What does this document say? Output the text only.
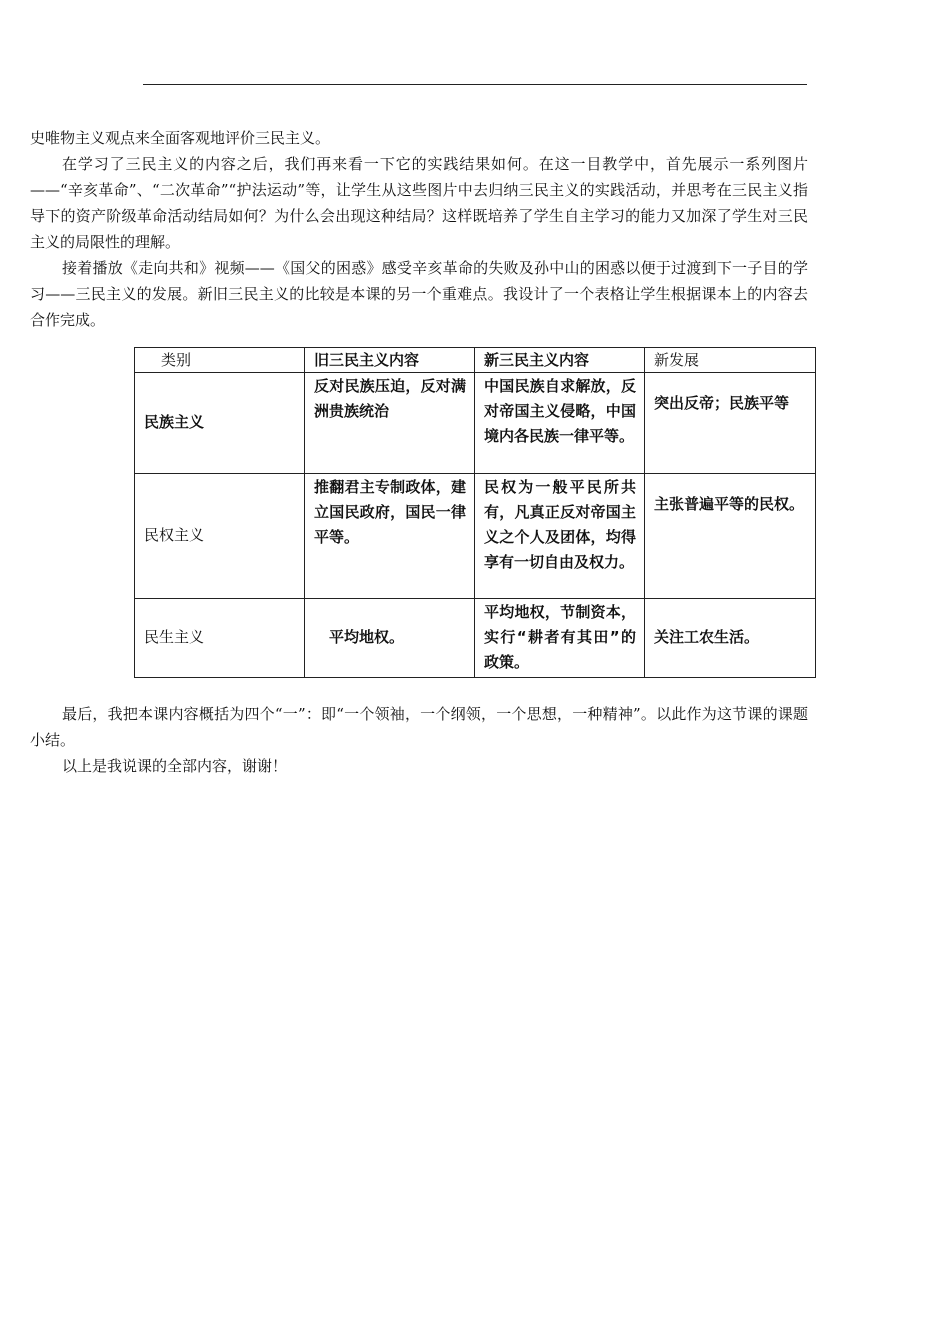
史唯物主义观点来全面客观地评价三民主义。

在学习了三民主义的内容之后，我们再来看一下它的实践结果如何。在这一目教学中，首先展示一系列图片——“辛亥革命”、“二次革命”“护法运动”等，让学生从这些图片中去归纳三民主义的实践活动，并思考在三民主义指导下的资产阶级革命活动结局如何？为什么会出现这种结局？这样既培养了学生自主学习的能力又加深了学生对三民主义的局限性的理解。

接着播放《走向共和》视频——《国父的困惑》感受辛亥革命的失败及孙中山的困惑以便于过渡到下一子目的学习——三民主义的发展。新旧三民主义的比较是本课的另一个重难点。我设计了一个表格让学生根据课本上的内容去合作完成。

类别	旧三民主义内容	新三民主义内容	新发展
民族主义	反对民族压迫，反对满洲贵族统治	中国民族自求解放，反对帝国主义侵略，中国境内各民族一律平等。	突出反帝；民族平等
民权主义	推翻君主专制政体，建立国民政府，国民一律平等。	民权为一般平民所共有，凡真正反对帝国主义之个人及团体，均得享有一切自由及权力。	主张普遍平等的民权。
民生主义	平均地权。	平均地权，节制资本，实行“耕者有其田”的政策。	关注工农生活。

最后，我把本课内容概括为四个“一”：即“一个领袖，一个纲领，一个思想，一种精神”。以此作为这节课的课题小结。

以上是我说课的全部内容，谢谢！
